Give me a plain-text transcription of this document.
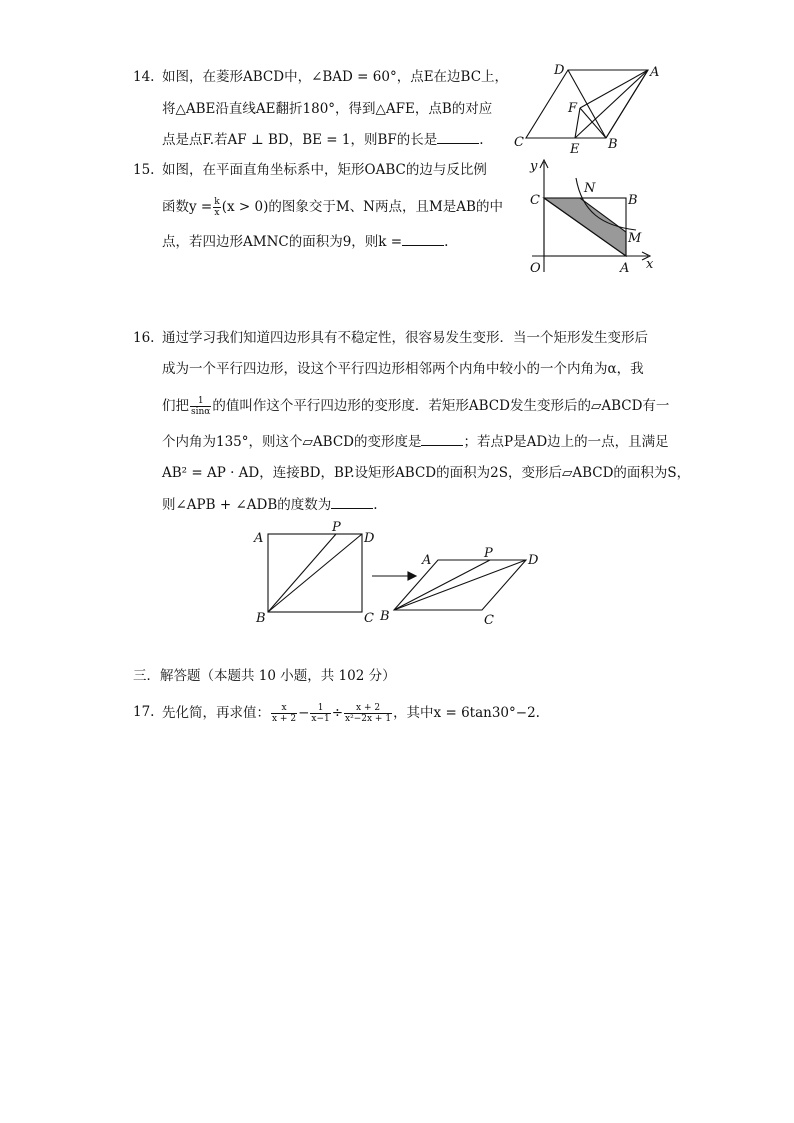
14. 如图，在菱形ABCD中，∠BAD = 60°，点E在边BC上，
将△ABE沿直线AE翻折180°，得到△AFE，点B的对应
点是点F.若AF ⊥ BD，BE = 1，则BF的长是	.
D	A
F
C	E B
15. 如图，在平面直角坐标系中，矩形OABC的边与反比例
函数$y = \frac{k}{x} (x > 0)$的图象交于M、N两点，且M是AB的中
点，若四边形AMNC的面积为9，则k =	.
y
C
N
B
M
O	A x
16. 通过学习我们知道四边形具有不稳定性，很容易发生变形．当一个矩形发生变形后
成为一个平行四边形，设这个平行四边形相邻两个内角中较小的一个内角为α，我
们把 $\frac{1}{\sin\alpha}$ 的值叫作这个平行四边形的变形度．若矩形ABCD发生变形后的▱ABCD有一
个内角为135°，则这个▱ABCD的变形度是	；若点P是AD边上的一点，且满足
AB² = AP · AD，连接BD，BP.设矩形ABCD的面积为2S，变形后▱ABCD的面积为S，
则∠APB + ∠ADB的度数为	.
A
P
D
B	C
A	P	D
B	C
三．解答题（本题共 10 小题，共 102 分）
17. 先化简，再求值： $\frac{x}{x + 2} - \frac{1}{x-1} \div \frac{x + 2}{\text{x²−2x + 1}}$ ，其中x = 6tan30°−2.
